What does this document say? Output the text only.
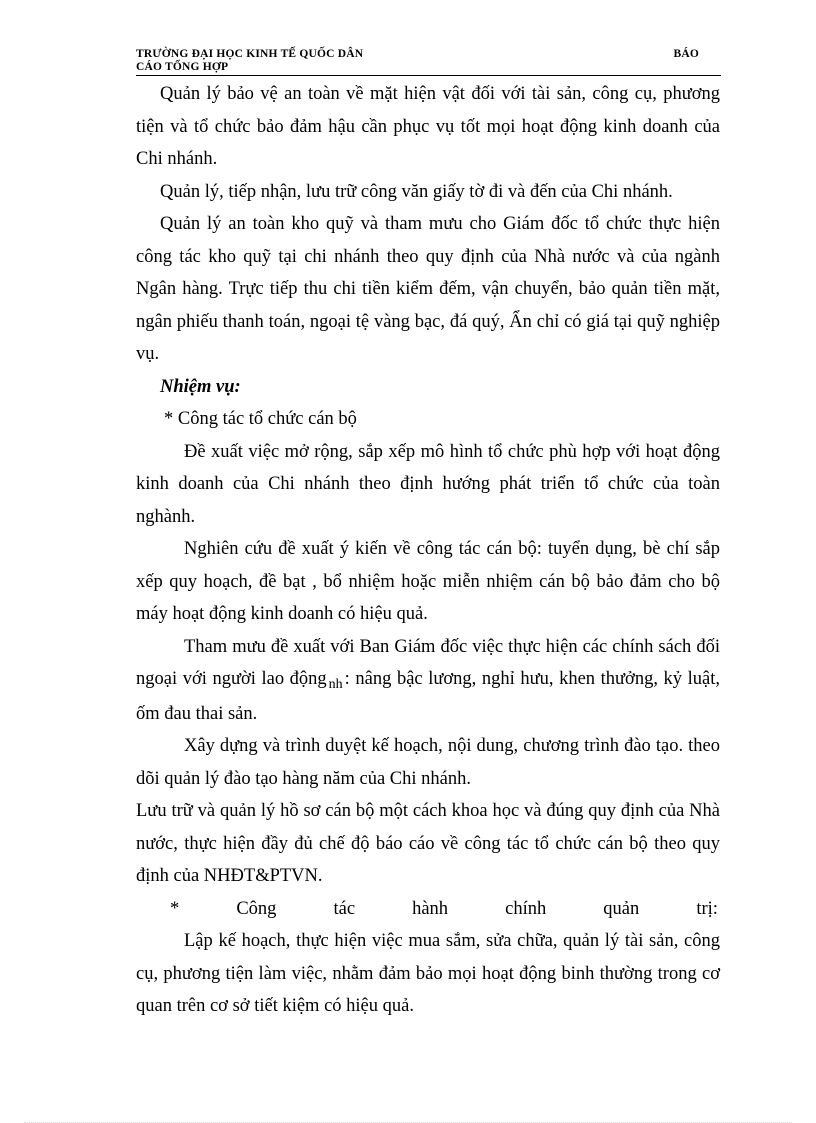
TRƯỜNG ĐẠI HỌC KINH TẾ QUỐC DÂN	BÁO
CÁO TỔNG HỢP

Quản lý bảo vệ an toàn về mặt hiện vật đối với tài sản, công cụ, phương tiện và tổ chức bảo đảm hậu cần phục vụ tốt mọi hoạt động kinh doanh của Chi nhánh.

Quản lý, tiếp nhận, lưu trữ công văn giấy tờ đi và đến của Chi nhánh.

Quản lý an toàn kho quỹ và tham mưu cho Giám đốc tổ chức thực hiện công tác kho quỹ tại chi nhánh theo quy định của Nhà nước và của ngành Ngân hàng. Trực tiếp thu chi tiền kiểm đếm, vận chuyển, bảo quản tiền mặt, ngân phiếu thanh toán, ngoại tệ vàng bạc, đá quý, Ẩn chỉ có giá tại quỹ nghiệp vụ.

Nhiệm vụ:

* Công tác tổ chức cán bộ

Đề xuất việc mở rộng, sắp xếp mô hình tổ chức phù hợp với hoạt động kinh doanh của Chi nhánh theo định hướng phát triển tổ chức của toàn nghành.

Nghiên cứu đề xuất ý kiến về công tác cán bộ: tuyển dụng, bè chí sắp xếp quy hoạch, đề bạt , bổ nhiệm hoặc miễn nhiệm cán bộ bảo đảm cho bộ máy hoạt động kinh doanh có hiệu quả.

Tham mưu đề xuất với Ban Giám đốc việc thực hiện các chính sách đối ngoại với người lao động $_{nh}$ : nâng bậc lương, nghỉ hưu, khen thưởng, kỷ luật, ốm đau thai sản.

Xây dựng và trình duyệt kế hoạch, nội dung, chương trình đào tạo. theo dõi quản lý đào tạo hàng năm của Chi nhánh.

Lưu trữ và quản lý hồ sơ cán bộ một cách khoa học và đúng quy định của Nhà nước, thực hiện đầy đủ chế độ báo cáo về công tác tổ chức cán bộ theo quy định của NHĐT&PTVN.

*	Công	tác	hành	chính	quản	trị:

Lập kế hoạch, thực hiện việc mua sắm, sửa chữa, quản lý tài sản, công cụ, phương tiện làm việc, nhằm đảm bảo mọi hoạt động binh thường trong cơ quan trên cơ sở tiết kiệm có hiệu quả.
